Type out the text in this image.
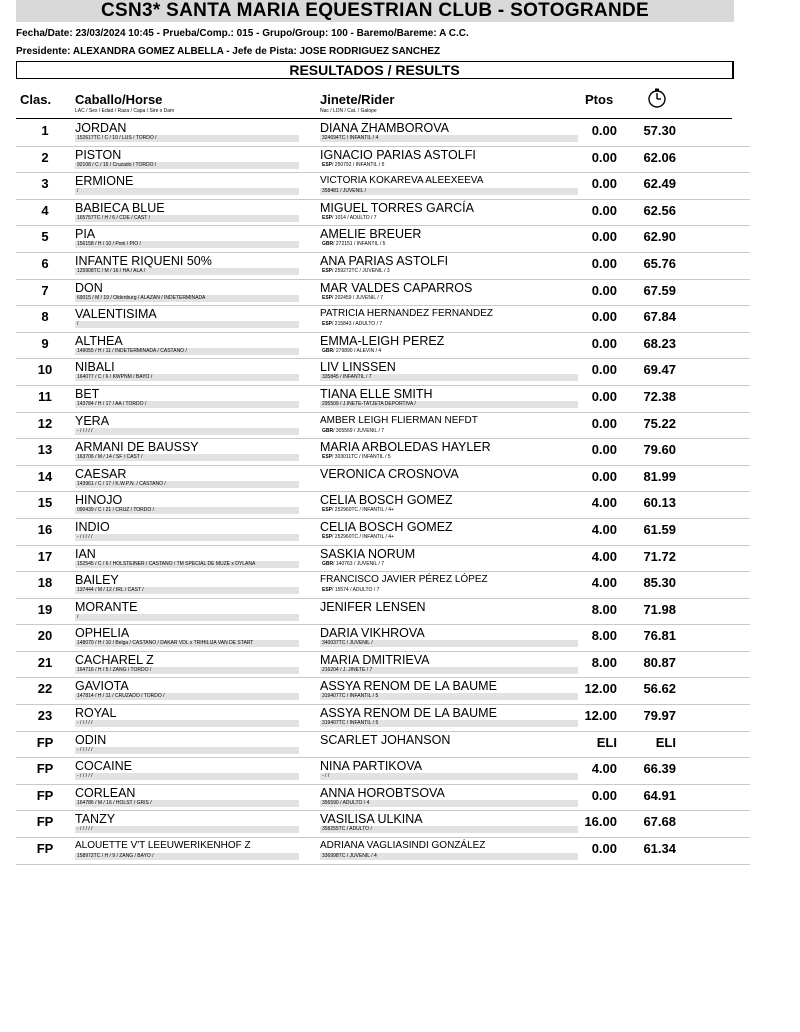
CSN3* SANTA MARIA EQUESTRIAN CLUB - SOTOGRANDE
Fecha/Date: 23/03/2024 10:45 - Prueba/Comp.: 015 - Grupo/Group: 100 - Baremo/Bareme: A C.C.
Presidente: ALEXANDRA GOMEZ ALBELLA - Jefe de Pista: JOSE RODRIGUEZ SANCHEZ
RESULTADOS / RESULTS
Clas. Caballo/Horse
LAC / Sex / Edad / Raza / Capa / Sire x Dam
Jinete/Rider
Nac / LDN / Cat. / Galope
Ptos
1	JORDAN
152617TC / C / 10 / LUS / TORDO /
DIANA ZHAMBOROVA
324694TC / INFANTIL / 4	0.00	57.30
2	PISTON
92108 / C / 15 / Cruzado / TORDO /
IGNACIO PARIAS ASTOLFI
ESP/ 250792 / INFANTIL / 5	0.00	62.06
3	ERMIONE
/
VICTORIA KOKAREVA ALEEXEEVA
358481 / JUVENIL /	0.00	62.49
4	BABIECA BLUE
165757TC / H / 6 / CDE / CAST /
MIGUEL TORRES GARCÍA
ESP/ 1014 / ADULTO / 7	0.00	62.56
5	PIA
156158 / H / 10 / Poni / PIO /
AMELIE BREUER
GBR/ 272151 / INFANTIL / 5	0.00	62.90
6	INFANTE RIQUENI 50%
125908TC / M / 16 / HA / ALA /
ANA PARIAS ASTOLFI
ESP/ 259272TC / JUVENIL / 3	0.00	65.76
7	DON
69015 / M / 19 / Oldenburg / ALAZÁN / INDETERMINADA
MAR VALDES CAPARROS
ESP/ 202459 / JUVENIL / 7	0.00	67.59
8	VALENTISIMA
/
PATRICIA HERNANDEZ FERNANDEZ
ESP/ 215843 / ADULTO / 7	0.00	67.84
9	ALTHEA
149055 / H / 11 / INDETERMINADA / CASTAÑO /
EMMA-LEIGH PEREZ
GBR/ 279890 / ALEVIN / 4	0.00	68.23
10	NIBALI
164077 / C / 6 / KWPNM / BAYO /
LIV LINSSEN
335845 / INFANTIL / 7	0.00	69.47
11	BET
143784 / H / 17 / AA / TORDO /
TIANA ELLE SMITH
295509 / J.INETE-TATJETA DEPORTIVA /	0.00	72.38
12	YERA
- / / / / /
AMBER LEIGH FLIERMAN NEFDT
GBR/ 305569 / JUVENIL / 7	0.00	75.22
13	ARMANI DE BAUSSY
163706 / M / 14 / SF / CAST /
MARIA ARBOLEDAS HAYLER
ESP/ 303011TC / INFANTIL / 5	0.00	79.60
14	CAESAR
143961 / C / 17 / K.W.P.N. / CASTAÑO /
VERONICA CROSNOVA	0.00	81.99
15	HINOJO
090439 / C / 21 / CRUZ / TORDO /
CELIA BOSCH GOMEZ
ESP/ 252960TC / INFANTIL / 4+	4.00	60.13
16	INDIO
- / / / / /
CELIA BOSCH GOMEZ
ESP/ 252960TC / INFANTIL / 4+	4.00	61.59
17	IAN
152545 / C / 6 / HOLSTEINER / CASTAÑO / TM SPECIAL DE MUZE x DYLANA
SASKIA NORUM
GBR/ 140763 / JUVENIL / 7	4.00	71.72
18	BAILEY
137444 / M / 12 / IRL / CAST /
FRANCISCO JAVIER PÉREZ LÓPEZ
ESP/ 15574 / ADULTO / 7	4.00	85.30
19	MORANTE
/
JENIFER LENSEN	8.00	71.98
20	OPHELIA
148070 / H / 10 / Belga / CASTAÑO / DAKAR VDL x TRIHILIJA VAN DE START
DARIA VIKHROVA
340037TC / JUVENIL /	8.00	76.81
21	CACHAREL Z
164716 / H / 5 / ZANG / TORDO /
MARIA DMITRIEVA
216204 / J. JINETE / 7	8.00	80.87
22	GAVIOTA
147814 / H / 11 / CRUZADO / TORDO /
ASSYA RENOM DE LA BAUME
319407TC / INFANTIL / 5	12.00	56.62
23	ROYAL
- / / / / /
ASSYA RENOM DE LA BAUME
319407TC / INFANTIL / 5	12.00	79.97
FP	ODIN
- / / / / /
SCARLET JOHANSON	ELI	ELI
FP	COCAINE
- / / / / /
NINA PARTIKOVA
- / /	4.00	66.39
FP	CORLEAN
164786 / M / 16 / HOLST / GRIS /
ANNA HOROBTSOVA
356590 / ADULTO / 4	0.00	64.91
FP	TANZY
- / / / / /
VASILISA ULKINA
358255TC / ADULTO /	16.00	67.68
FP	ALOUETTE V'T LEEUWERIKENHOF Z
158972TC / H / 9 / ZANG / BAYO /
ADRIANA VAGLIASINDI GONZÁLEZ
336998TC / JUVENIL / 4	0.00	61.34
